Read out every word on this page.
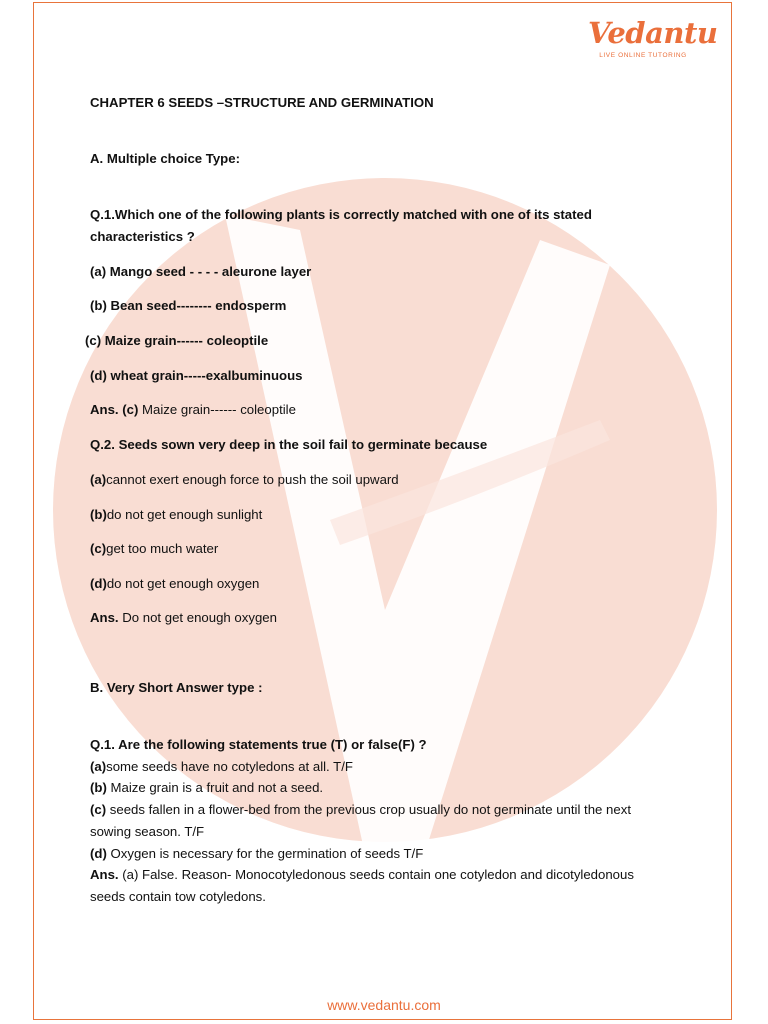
Vedantu
LIVE ONLINE TUTORING
CHAPTER 6 SEEDS –STRUCTURE AND GERMINATION
A. Multiple choice Type:
Q.1.Which one of the following plants is correctly matched with one of its stated
characteristics ?
(a) Mango seed - - - - aleurone layer
(b) Bean seed-------- endosperm
(c) Maize grain------ coleoptile
(d) wheat grain-----exalbuminuous
Ans. (c) Maize grain------ coleoptile
Q.2. Seeds sown very deep in the soil fail to germinate because
(a)cannot exert enough force to push the soil upward
(b)do not get enough sunlight
(c)get too much water
(d)do not get enough oxygen
Ans. Do not get enough oxygen
B. Very Short Answer type :
Q.1. Are the following statements true (T) or false(F) ?
(a)some seeds have no cotyledons at all. T/F
(b) Maize grain is a fruit and not a seed.
(c) seeds fallen in a flower-bed from the previous crop usually do not germinate until the next
sowing season. T/F
(d) Oxygen is necessary for the germination of seeds T/F
Ans. (a) False. Reason- Monocotyledonous seeds contain one cotyledon and dicotyledonous
seeds contain tow cotyledons.
www.vedantu.com
